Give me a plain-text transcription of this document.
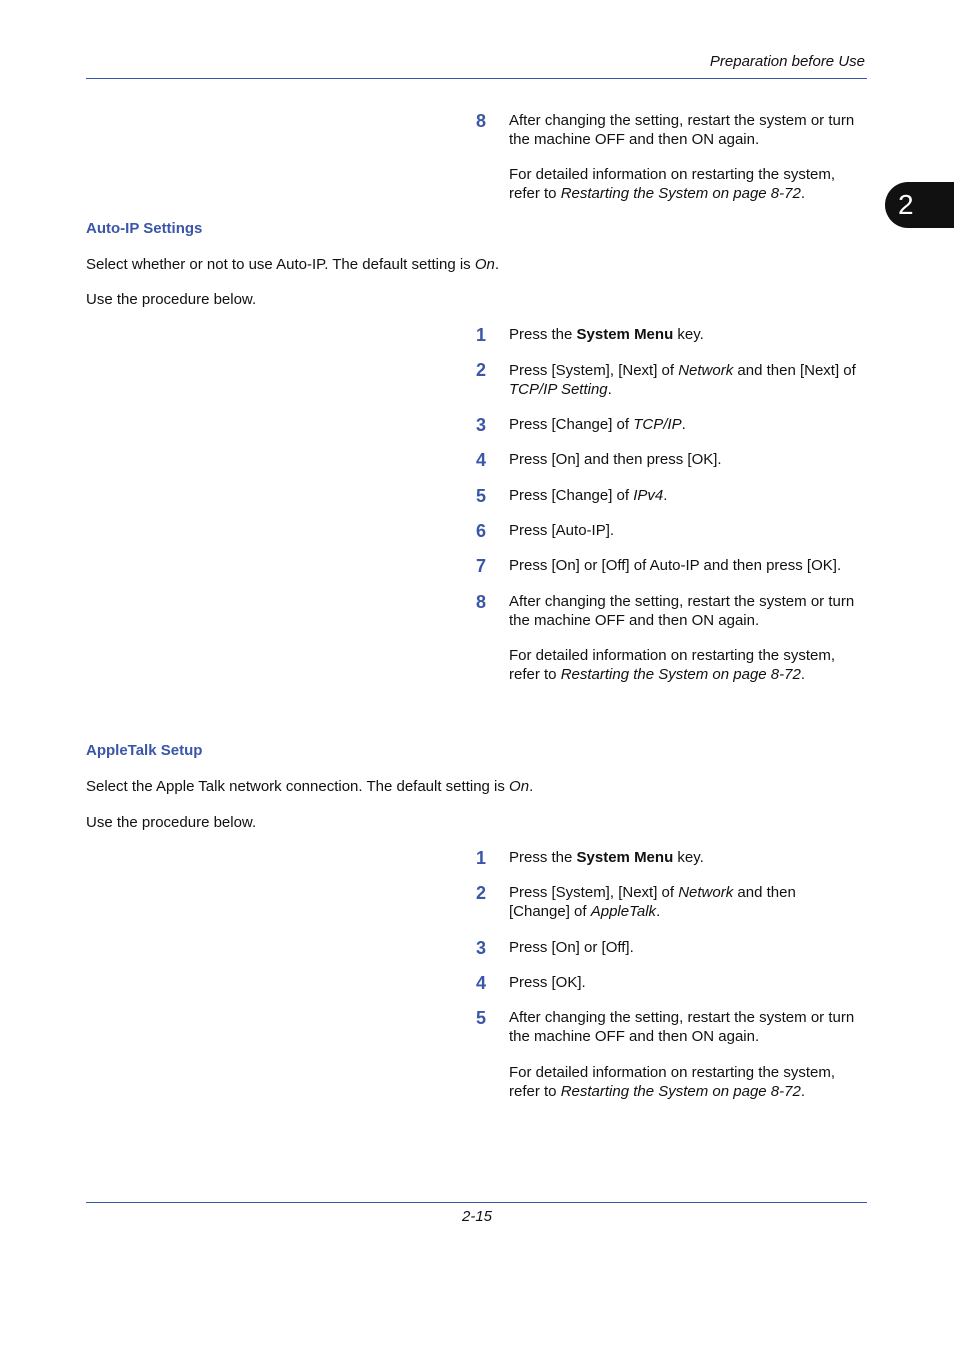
Preparation before Use
2
8 After changing the setting, restart the system or turn the machine OFF and then ON again.
For detailed information on restarting the system, refer to Restarting the System on page 8-72.
Auto-IP Settings
Select whether or not to use Auto-IP. The default setting is On.
Use the procedure below.
1 Press the System Menu key.
2 Press [System], [Next] of Network and then [Next] of TCP/IP Setting.
3 Press [Change] of TCP/IP.
4 Press [On] and then press [OK].
5 Press [Change] of IPv4.
6 Press [Auto-IP].
7 Press [On] or [Off] of Auto-IP and then press [OK].
8 After changing the setting, restart the system or turn the machine OFF and then ON again.
For detailed information on restarting the system, refer to Restarting the System on page 8-72.
AppleTalk Setup
Select the Apple Talk network connection. The default setting is On.
Use the procedure below.
1 Press the System Menu key.
2 Press [System], [Next] of Network and then [Change] of AppleTalk.
3 Press [On] or [Off].
4 Press [OK].
5 After changing the setting, restart the system or turn the machine OFF and then ON again.
For detailed information on restarting the system, refer to Restarting the System on page 8-72.
2-15
